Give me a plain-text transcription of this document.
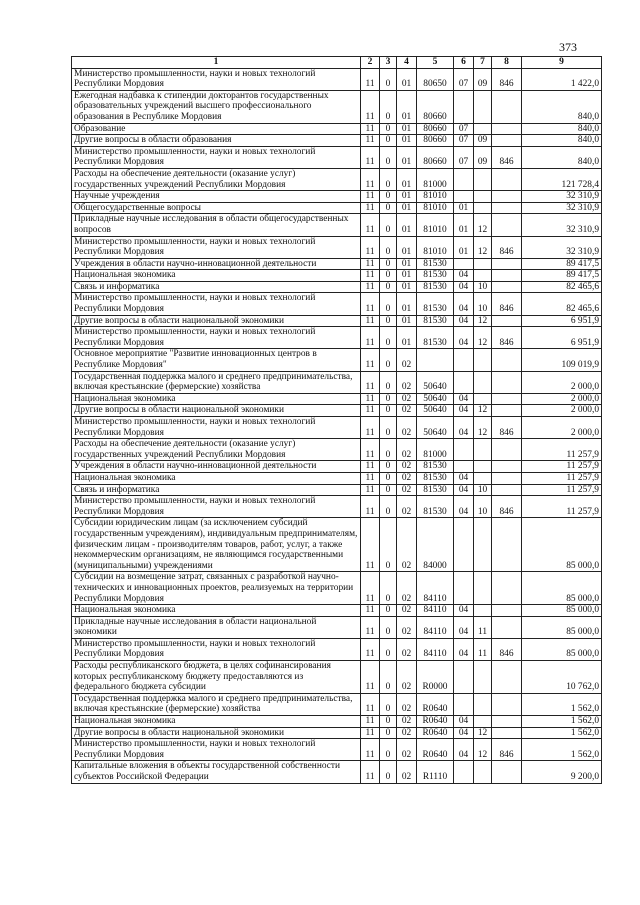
373
1	2	3	4	5	6	7	8	9
Министерство промышленности, науки и новых технологий Республики Мордовия	11	0	01	80650	07	09	846	1 422,0
Ежегодная надбавка к стипендии докторантов государственных образовательных учреждений высшего профессионального образования в Республике Мордовия	11	0	01	80660				840,0
Образование	11	0	01	80660	07			840,0
Другие вопросы в области образования	11	0	01	80660	07	09		840,0
Министерство промышленности, науки и новых технологий Республики Мордовия	11	0	01	80660	07	09	846	840,0
Расходы на обеспечение деятельности (оказание услуг) государственных учреждений Республики Мордовия	11	0	01	81000				121 728,4
Научные учреждения	11	0	01	81010				32 310,9
Общегосударственные вопросы	11	0	01	81010	01			32 310,9
Прикладные научные исследования в области общегосударственных вопросов	11	0	01	81010	01	12		32 310,9
Министерство промышленности, науки и новых технологий Республики Мордовия	11	0	01	81010	01	12	846	32 310,9
Учреждения в области научно-инновационной деятельности	11	0	01	81530				89 417,5
Национальная экономика	11	0	01	81530	04			89 417,5
Связь и информатика	11	0	01	81530	04	10		82 465,6
Министерство промышленности, науки и новых технологий Республики Мордовия	11	0	01	81530	04	10	846	82 465,6
Другие вопросы в области национальной экономики	11	0	01	81530	04	12		6 951,9
Министерство промышленности, науки и новых технологий Республики Мордовия	11	0	01	81530	04	12	846	6 951,9
Основное мероприятие "Развитие инновационных центров в Республике Мордовия"	11	0	02					109 019,9
Государственная поддержка малого и среднего предпринимательства, включая крестьянские (фермерские) хозяйства	11	0	02	50640				2 000,0
Национальная экономика	11	0	02	50640	04			2 000,0
Другие вопросы в области национальной экономики	11	0	02	50640	04	12		2 000,0
Министерство промышленности, науки и новых технологий Республики Мордовия	11	0	02	50640	04	12	846	2 000,0
Расходы на обеспечение деятельности (оказание услуг) государственных учреждений Республики Мордовия	11	0	02	81000				11 257,9
Учреждения в области научно-инновационной деятельности	11	0	02	81530				11 257,9
Национальная экономика	11	0	02	81530	04			11 257,9
Связь и информатика	11	0	02	81530	04	10		11 257,9
Министерство промышленности, науки и новых технологий Республики Мордовия	11	0	02	81530	04	10	846	11 257,9
Субсидии юридическим лицам (за исключением субсидий государственным учреждениям), индивидуальным предпринимателям, физическим лицам - производителям товаров, работ, услуг, а также некоммерческим организациям, не являющимся государственными (муниципальными) учреждениями	11	0	02	84000				85 000,0
Субсидии на возмещение затрат, связанных с разработкой научно-технических и инновационных проектов, реализуемых на территории Республики Мордовия	11	0	02	84110				85 000,0
Национальная экономика	11	0	02	84110	04			85 000,0
Прикладные научные исследования в области национальной экономики	11	0	02	84110	04	11		85 000,0
Министерство промышленности, науки и новых технологий Республики Мордовия	11	0	02	84110	04	11	846	85 000,0
Расходы республиканского бюджета, в целях софинансирования которых республиканскому бюджету предоставляются из федерального бюджета субсидии	11	0	02	R0000				10 762,0
Государственная поддержка малого и среднего предпринимательства, включая крестьянские (фермерские) хозяйства	11	0	02	R0640				1 562,0
Национальная экономика	11	0	02	R0640	04			1 562,0
Другие вопросы в области национальной экономики	11	0	02	R0640	04	12		1 562,0
Министерство промышленности, науки и новых технологий Республики Мордовия	11	0	02	R0640	04	12	846	1 562,0
Капитальные вложения в объекты государственной собственности субъектов Российской Федерации	11	0	02	R1110				9 200,0
